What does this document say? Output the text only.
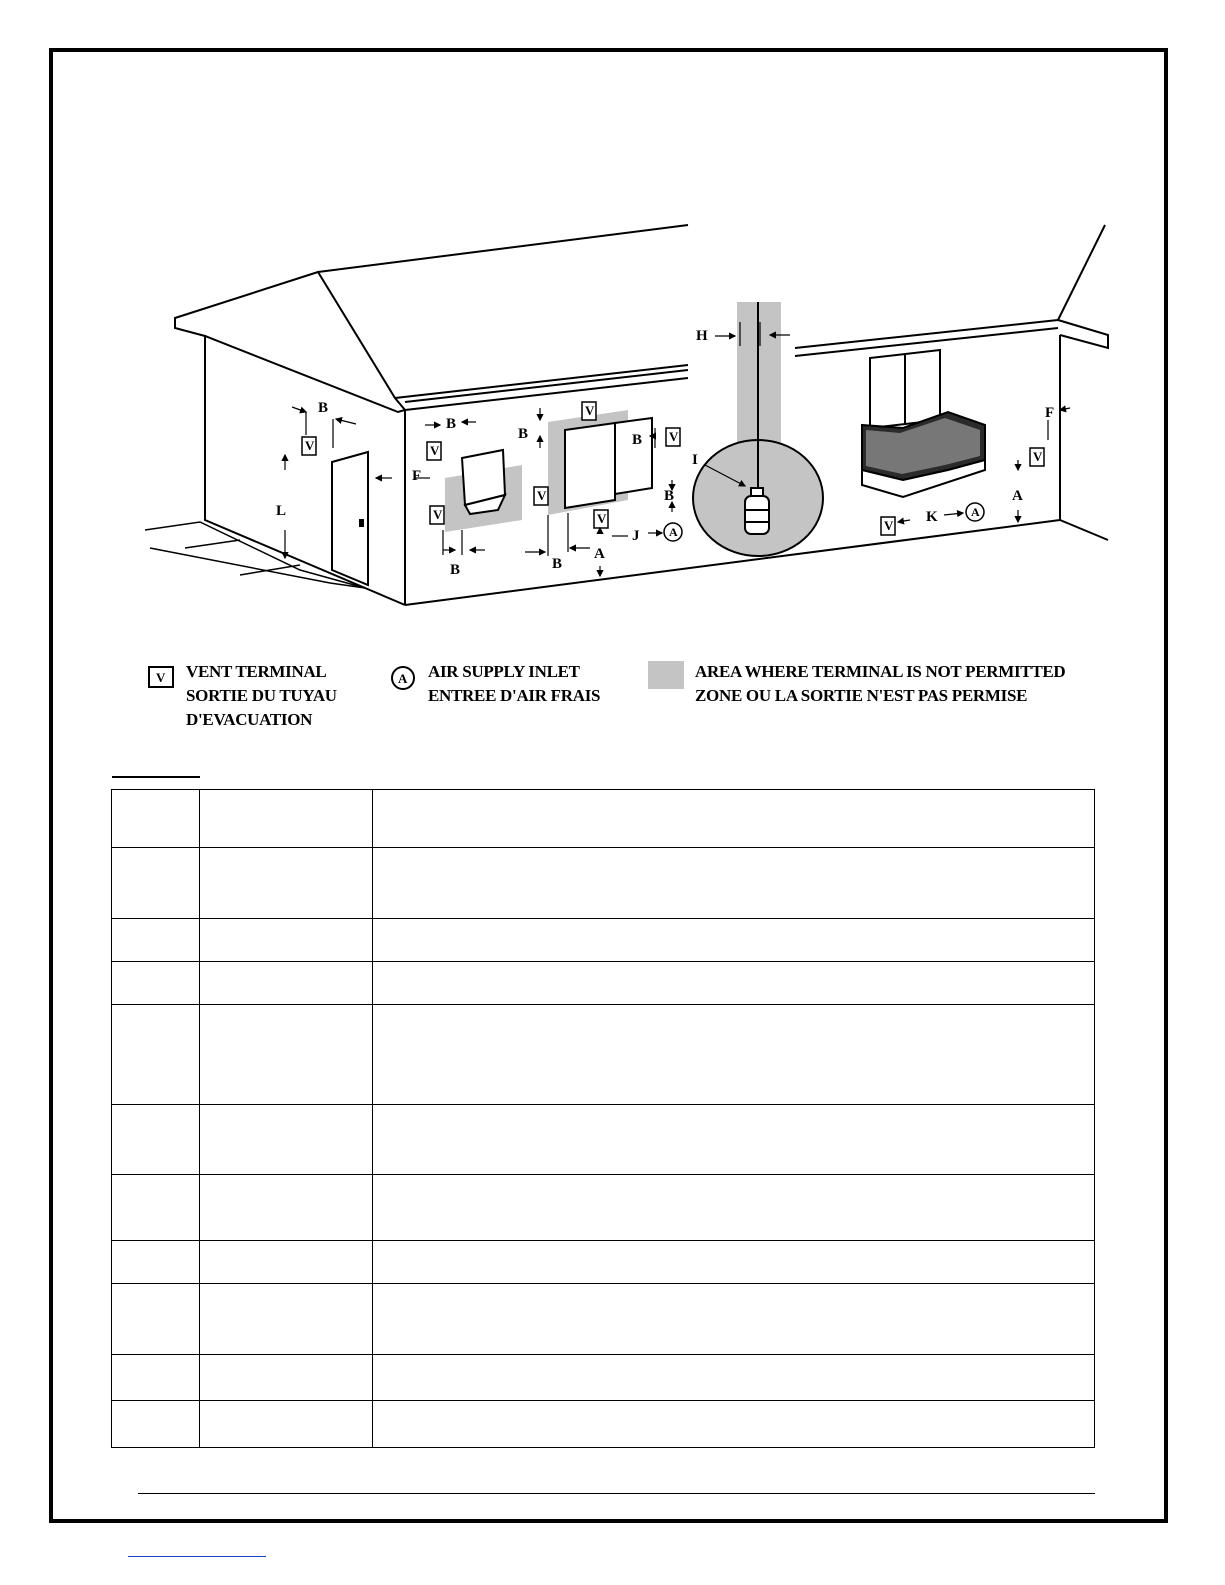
V	V
V
V
V
V
V
V
V
A
A
B
L
F
B
B
B
B
B
B
A
J
H
I
K
A
F
V VENT TERMINAL
SORTIE DU TUYAU
D'EVACUATION
A AIR SUPPLY INLET
ENTREE D'AIR FRAIS
AREA WHERE TERMINAL IS NOT PERMITTED
ZONE OU LA SORTIE N'EST PAS PERMISE
